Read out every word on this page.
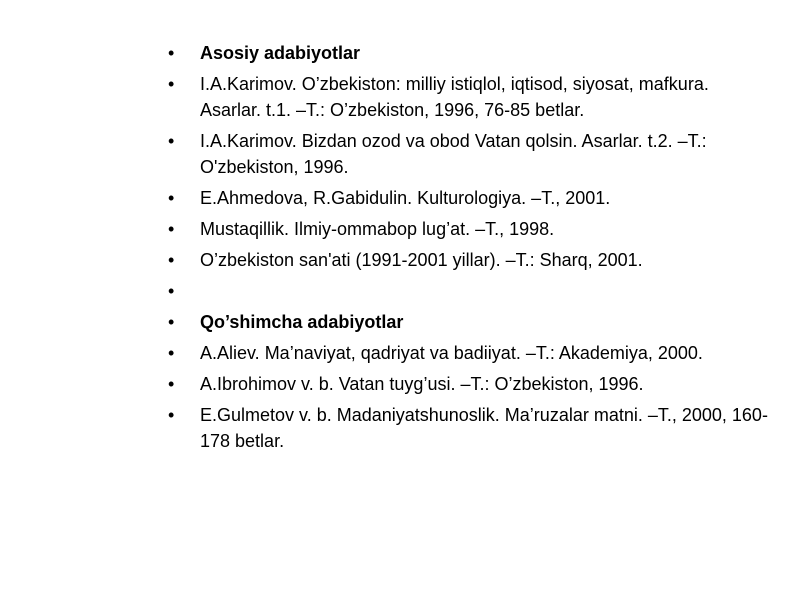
• Asosiy adabiyotlar
• I.A.Karimov. O’zbekiston: milliy istiqlol, iqtisod, siyosat, mafkura. Asarlar. t.1. –T.: O’zbekiston, 1996, 76-85 betlar.
• I.A.Karimov. Bizdan ozod va obod Vatan qolsin. Asarlar. t.2. –T.: O'zbekiston, 1996.
• E.Ahmedova, R.Gabidulin. Kulturologiya. –T., 2001.
• Mustaqillik. Ilmiy-ommabop lug’at. –T., 1998.
• O’zbekiston san'ati (1991-2001 yillar). –T.: Sharq, 2001.
•
• Qo’shimcha adabiyotlar
• A.Aliev. Ma’naviyat, qadriyat va badiiyat. –T.: Akademiya, 2000.
• A.Ibrohimov v. b. Vatan tuyg’usi. –T.: O’zbekiston, 1996.
• E.Gulmetov v. b. Madaniyatshunoslik. Ma’ruzalar matni. –T., 2000, 160-178 betlar.
